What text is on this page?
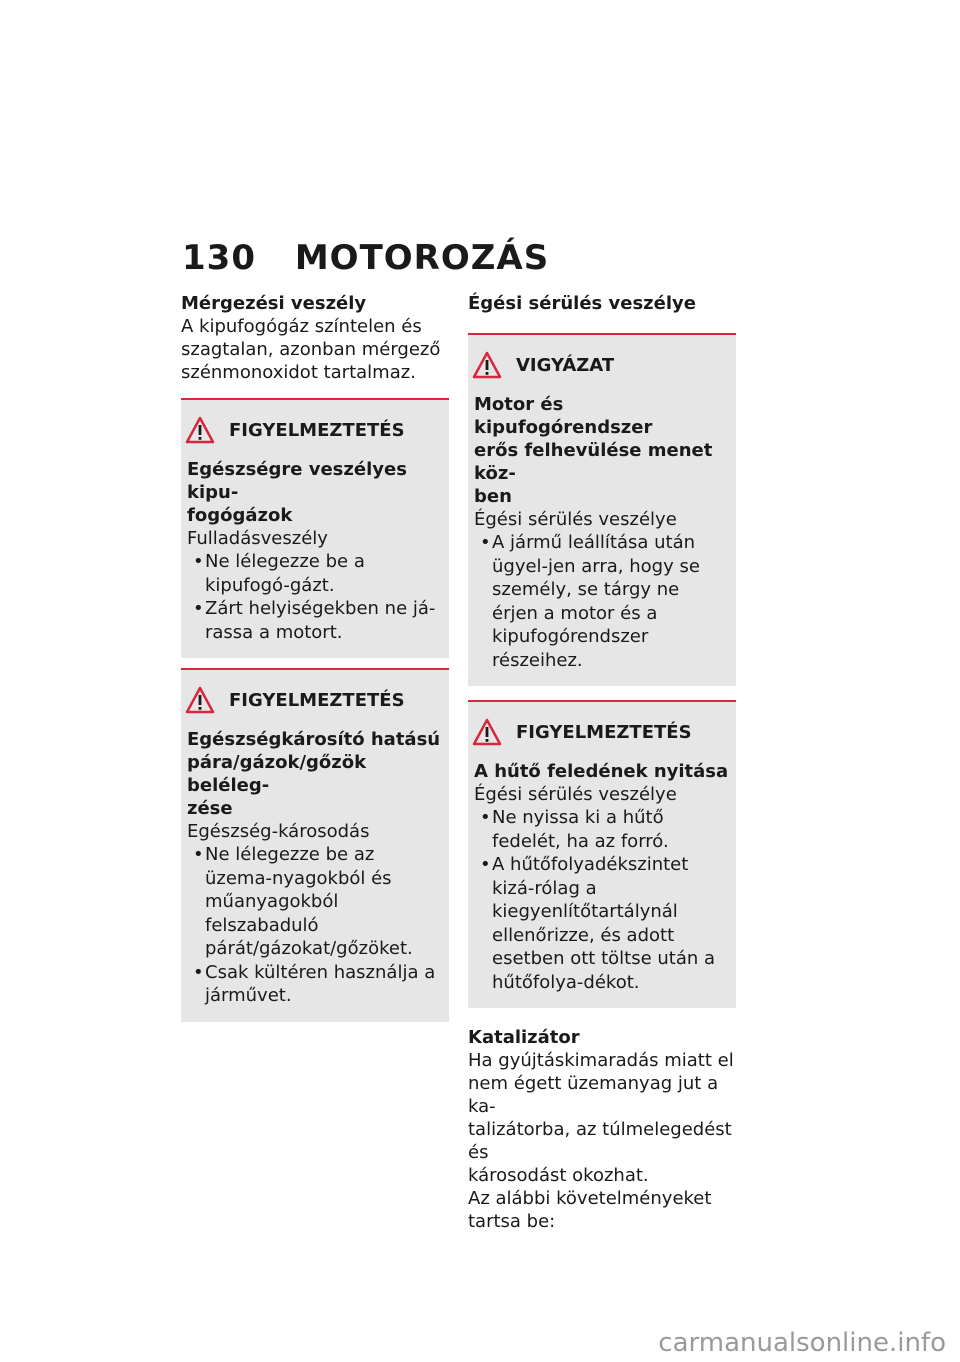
130 MOTOROZÁS
Mérgezési veszély
A kipufogógáz színtelen és
szagtalan, azonban mérgező
szénmonoxidot tartalmaz.
FIGYELMEZTETÉS
Egészségre veszélyes kipu-
fogógázok
Fulladásveszély
• Ne lélegezze be a kipufogó-gázt.
• Zárt helyiségekben ne já-rassa a motort.
FIGYELMEZTETÉS
Egészségkárosító hatású
pára/gázok/gőzök beléleg-
zése
Egészség-károsodás
• Ne lélegezze be az üzema-nyagokból és műanyagokból felszabaduló párát/gázokat/gőzöket.
• Csak kültéren használja a járművet.
Égési sérülés veszélye
VIGYÁZAT
Motor és kipufogórendszer
erős felhevülése menet köz-
ben
Égési sérülés veszélye
• A jármű leállítása után ügyel-jen arra, hogy se személy, se tárgy ne érjen a motor és a kipufogórendszer részeihez.
FIGYELMEZTETÉS
A hűtő feledének nyitása
Égési sérülés veszélye
• Ne nyissa ki a hűtő fedelét, ha az forró.
• A hűtőfolyadékszintet kizá-rólag a kiegyenlítőtartálynál ellenőrizze, és adott esetben ott töltse után a hűtőfolya-dékot.
Katalizátor
Ha gyújtáskimaradás miatt el
nem égett üzemanyag jut a ka-
talizátorba, az túlmelegedést és
károsodást okozhat.
Az alábbi követelményeket
tartsa be:
carmanualsonline.info
